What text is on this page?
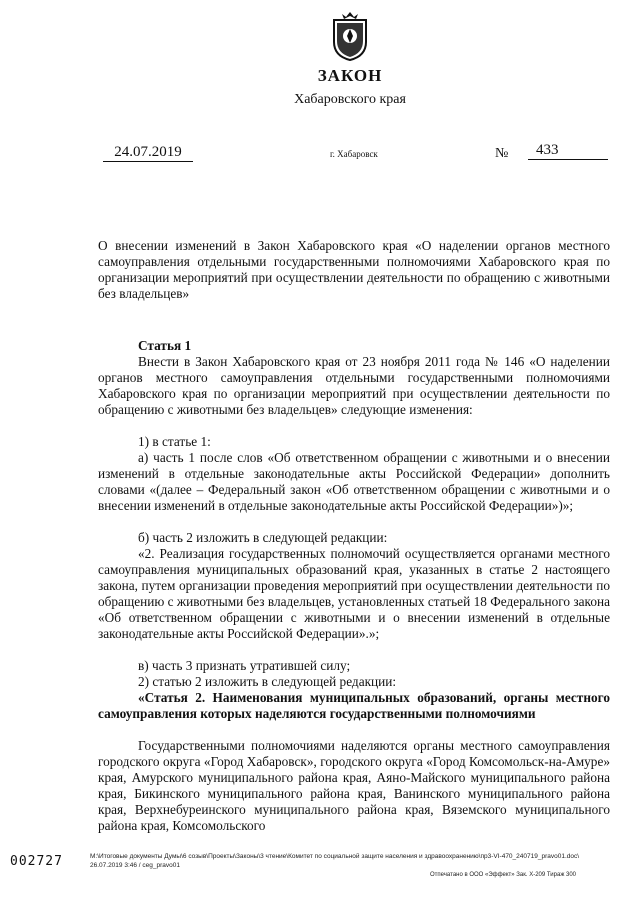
ЗАКОН
Хабаровского края
24.07.2019	г. Хабаровск	№	433
О внесении изменений в Закон Хабаровского края «О наделении органов местного самоуправления отдельными государственными полномочиями Хабаровского края по организации мероприятий при осуществлении деятельности по обращению с животными без владельцев»
Статья 1
Внести в Закон Хабаровского края от 23 ноября 2011 года № 146 «О наделении органов местного самоуправления отдельными государственными полномочиями Хабаровского края по организации мероприятий при осуществлении деятельности по обращению с животными без владельцев» следующие изменения:
1) в статье 1:
а) часть 1 после слов «Об ответственном обращении с животными и о внесении изменений в отдельные законодательные акты Российской Федерации» дополнить словами «(далее – Федеральный закон «Об ответственном обращении с животными и о внесении изменений в отдельные законодательные акты Российской Федерации»)»;
б) часть 2 изложить в следующей редакции:
«2. Реализация государственных полномочий осуществляется органами местного самоуправления муниципальных образований края, указанных в статье 2 настоящего закона, путем организации проведения мероприятий при осуществлении деятельности по обращению с животными без владельцев, установленных статьей 18 Федерального закона «Об ответственном обращении с животными и о внесении изменений в отдельные законодательные акты Российской Федерации».»;
в) часть 3 признать утратившей силу;
2) статью 2 изложить в следующей редакции:
«Статья 2. Наименования муниципальных образований, органы местного самоуправления которых наделяются государственными полномочиями
Государственными полномочиями наделяются органы местного самоуправления городского округа «Город Хабаровск», городского округа «Город Комсомольск-на-Амуре» края, Амурского муниципального района края, Аяно-Майского муниципального района края, Бикинского муниципального района края, Ванинского муниципального района края, Верхнебуреинского муниципального района края, Вяземского муниципального района края, Комсомольского
002727	М:\Итоговые документы Думы\6 созыв\Проекты\Законы\3 чтение\Комитет по социальной защите населения и здравоохранению\пр3-VI-470_240719_pravo01.doc\ 26.07.2019 3:46 / ceg_pravo01
Отпечатано в ООО «Эффект» Зак. Х-209 Тираж 300
